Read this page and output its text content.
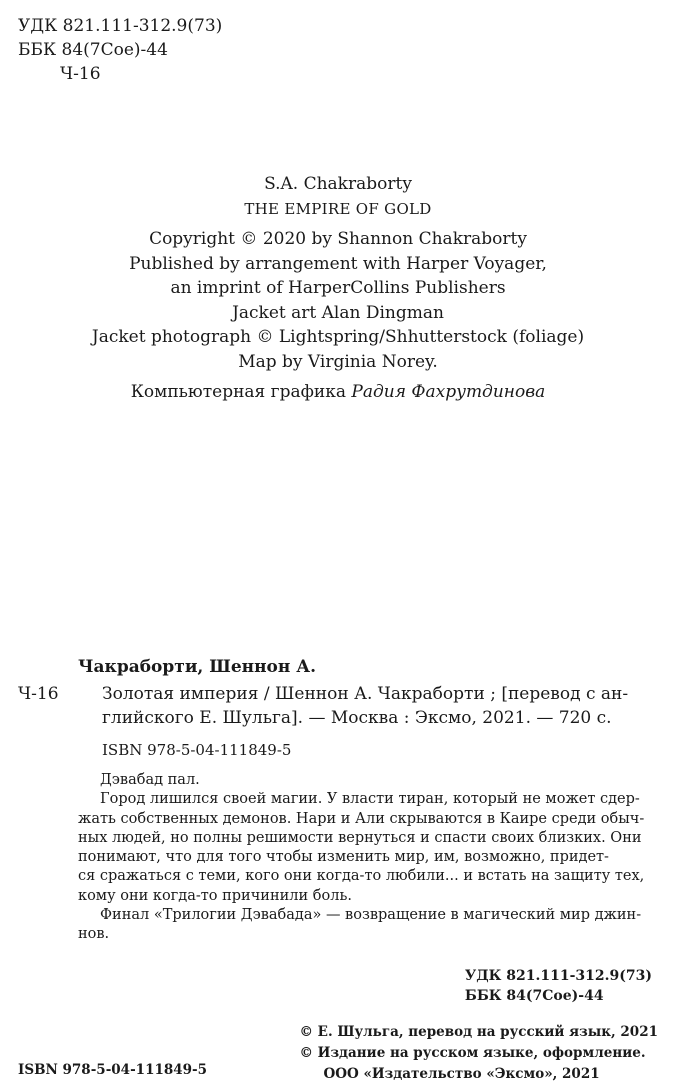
УДК 821.111-312.9(73)
ББК 84(7Сое)-44
Ч-16
S.A. Chakraborty
THE EMPIRE OF GOLD
Copyright © 2020 by Shannon Chakraborty
Published by arrangement with Harper Voyager,
an imprint of HarperCollins Publishers
Jacket art Alan Dingman
Jacket photograph © Lightspring/Shhutterstock (foliage)
Map by Virginia Norey.
Компьютерная графика Радия Фахрутдинова
Чакраборти, Шеннон А.
Ч-16	Золотая империя / Шеннон А. Чакраборти ; [перевод с ан-
глийского Е. Шульга]. — Москва : Эксмо, 2021. — 720 с.
ISBN 978-5-04-111849-5
Дэвабад пал.
Город лишился своей магии. У власти тиран, который не может сдер-
жать собственных демонов. Нари и Али скрываются в Каире среди обыч-
ных людей, но полны решимости вернуться и спасти своих близких. Они
понимают, что для того чтобы изменить мир, им, возможно, придет-
ся сражаться с теми, кого они когда-то любили... и встать на защиту тех,
кому они когда-то причинили боль.
Финал «Трилогии Дэвабада» — возвращение в магический мир джин-
нов.
УДК 821.111-312.9(73)
ББК 84(7Сое)-44
© Е. Шульга, перевод на русский язык, 2021
© Издание на русском языке, оформление.
ООО «Издательство «Эксмо», 2021
ISBN 978-5-04-111849-5
